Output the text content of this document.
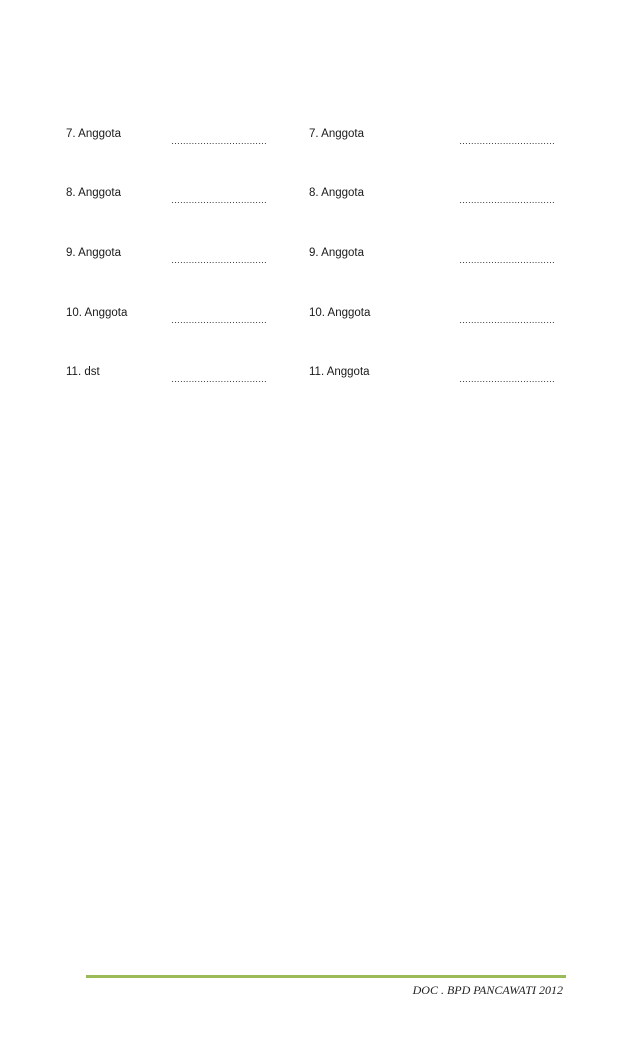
7. Anggota
……………………………
7. Anggota
……………………………
8. Anggota
……………………………
8. Anggota
……………………………
9. Anggota
……………………………
9. Anggota
……………………………
10. Anggota
……………………………
10. Anggota
……………………………
11. dst
……………………………
11. Anggota
……………………………
DOC . BPD PANCAWATI 2012
